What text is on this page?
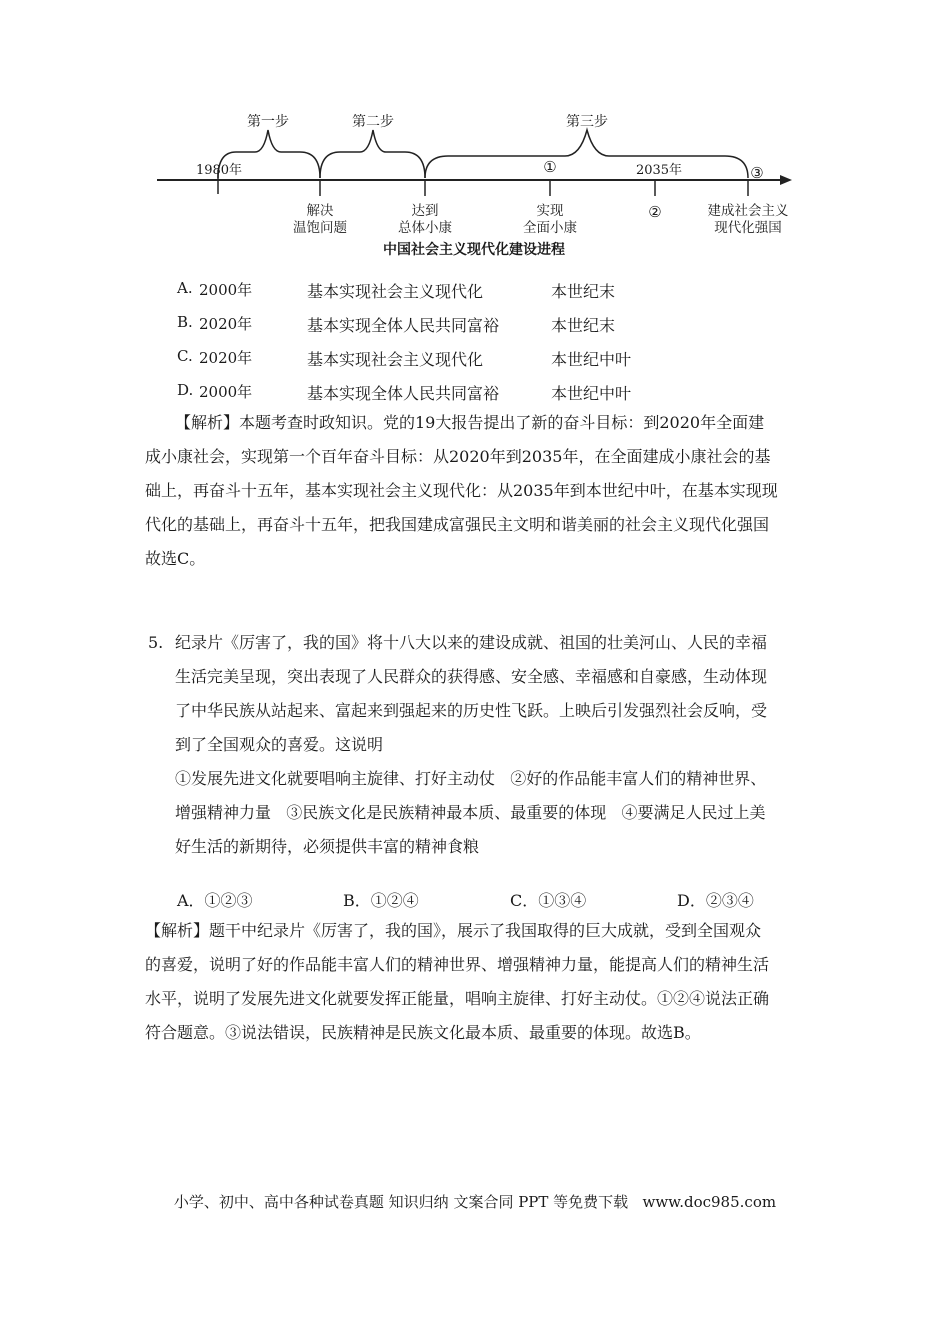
第一步	第二步	第三步
1980年	2035年
①	③
解决
温饱问题
达到
总体小康
实现
全面小康
②	建成社会主义
现代化强国
中国社会主义现代化建设进程
A. 2000年	基本实现社会主义现代化	本世纪末
B. 2020年	基本实现全体人民共同富裕	本世纪末
C. 2020年	基本实现社会主义现代化	本世纪中叶
D. 2000年	基本实现全体人民共同富裕	本世纪中叶
【解析】本题考查时政知识。党的19大报告提出了新的奋斗目标：到2020年全面建
成小康社会，实现第一个百年奋斗目标：从2020年到2035年，在全面建成小康社会的基
础上，再奋斗十五年，基本实现社会主义现代化：从2035年到本世纪中叶，在基本实现现
代化的基础上，再奋斗十五年，把我国建成富强民主文明和谐美丽的社会主义现代化强国
故选C。
5. 纪录片《厉害了，我的国》将十八大以来的建设成就、祖国的壮美河山、人民的幸福
生活完美呈现，突出表现了人民群众的获得感、安全感、幸福感和自豪感，生动体现
了中华民族从站起来、富起来到强起来的历史性飞跃。上映后引发强烈社会反响，受
到了全国观众的喜爱。这说明
①发展先进文化就要唱响主旋律、打好主动仗   ②好的作品能丰富人们的精神世界、
增强精神力量   ③民族文化是民族精神最本质、最重要的体现   ④要满足人民过上美
好生活的新期待，必须提供丰富的精神食粮
A．①②③	B．①②④	C．①③④	D．②③④
【解析】题干中纪录片《厉害了，我的国》，展示了我国取得的巨大成就，受到全国观众
的喜爱，说明了好的作品能丰富人们的精神世界、增强精神力量，能提高人们的精神生活
水平，说明了发展先进文化就要发挥正能量，唱响主旋律、打好主动仗。①②④说法正确
符合题意。③说法错误，民族精神是民族文化最本质、最重要的体现。故选B。
小学、初中、高中各种试卷真题 知识归纳 文案合同 PPT 等免费下载   www.doc985.com
